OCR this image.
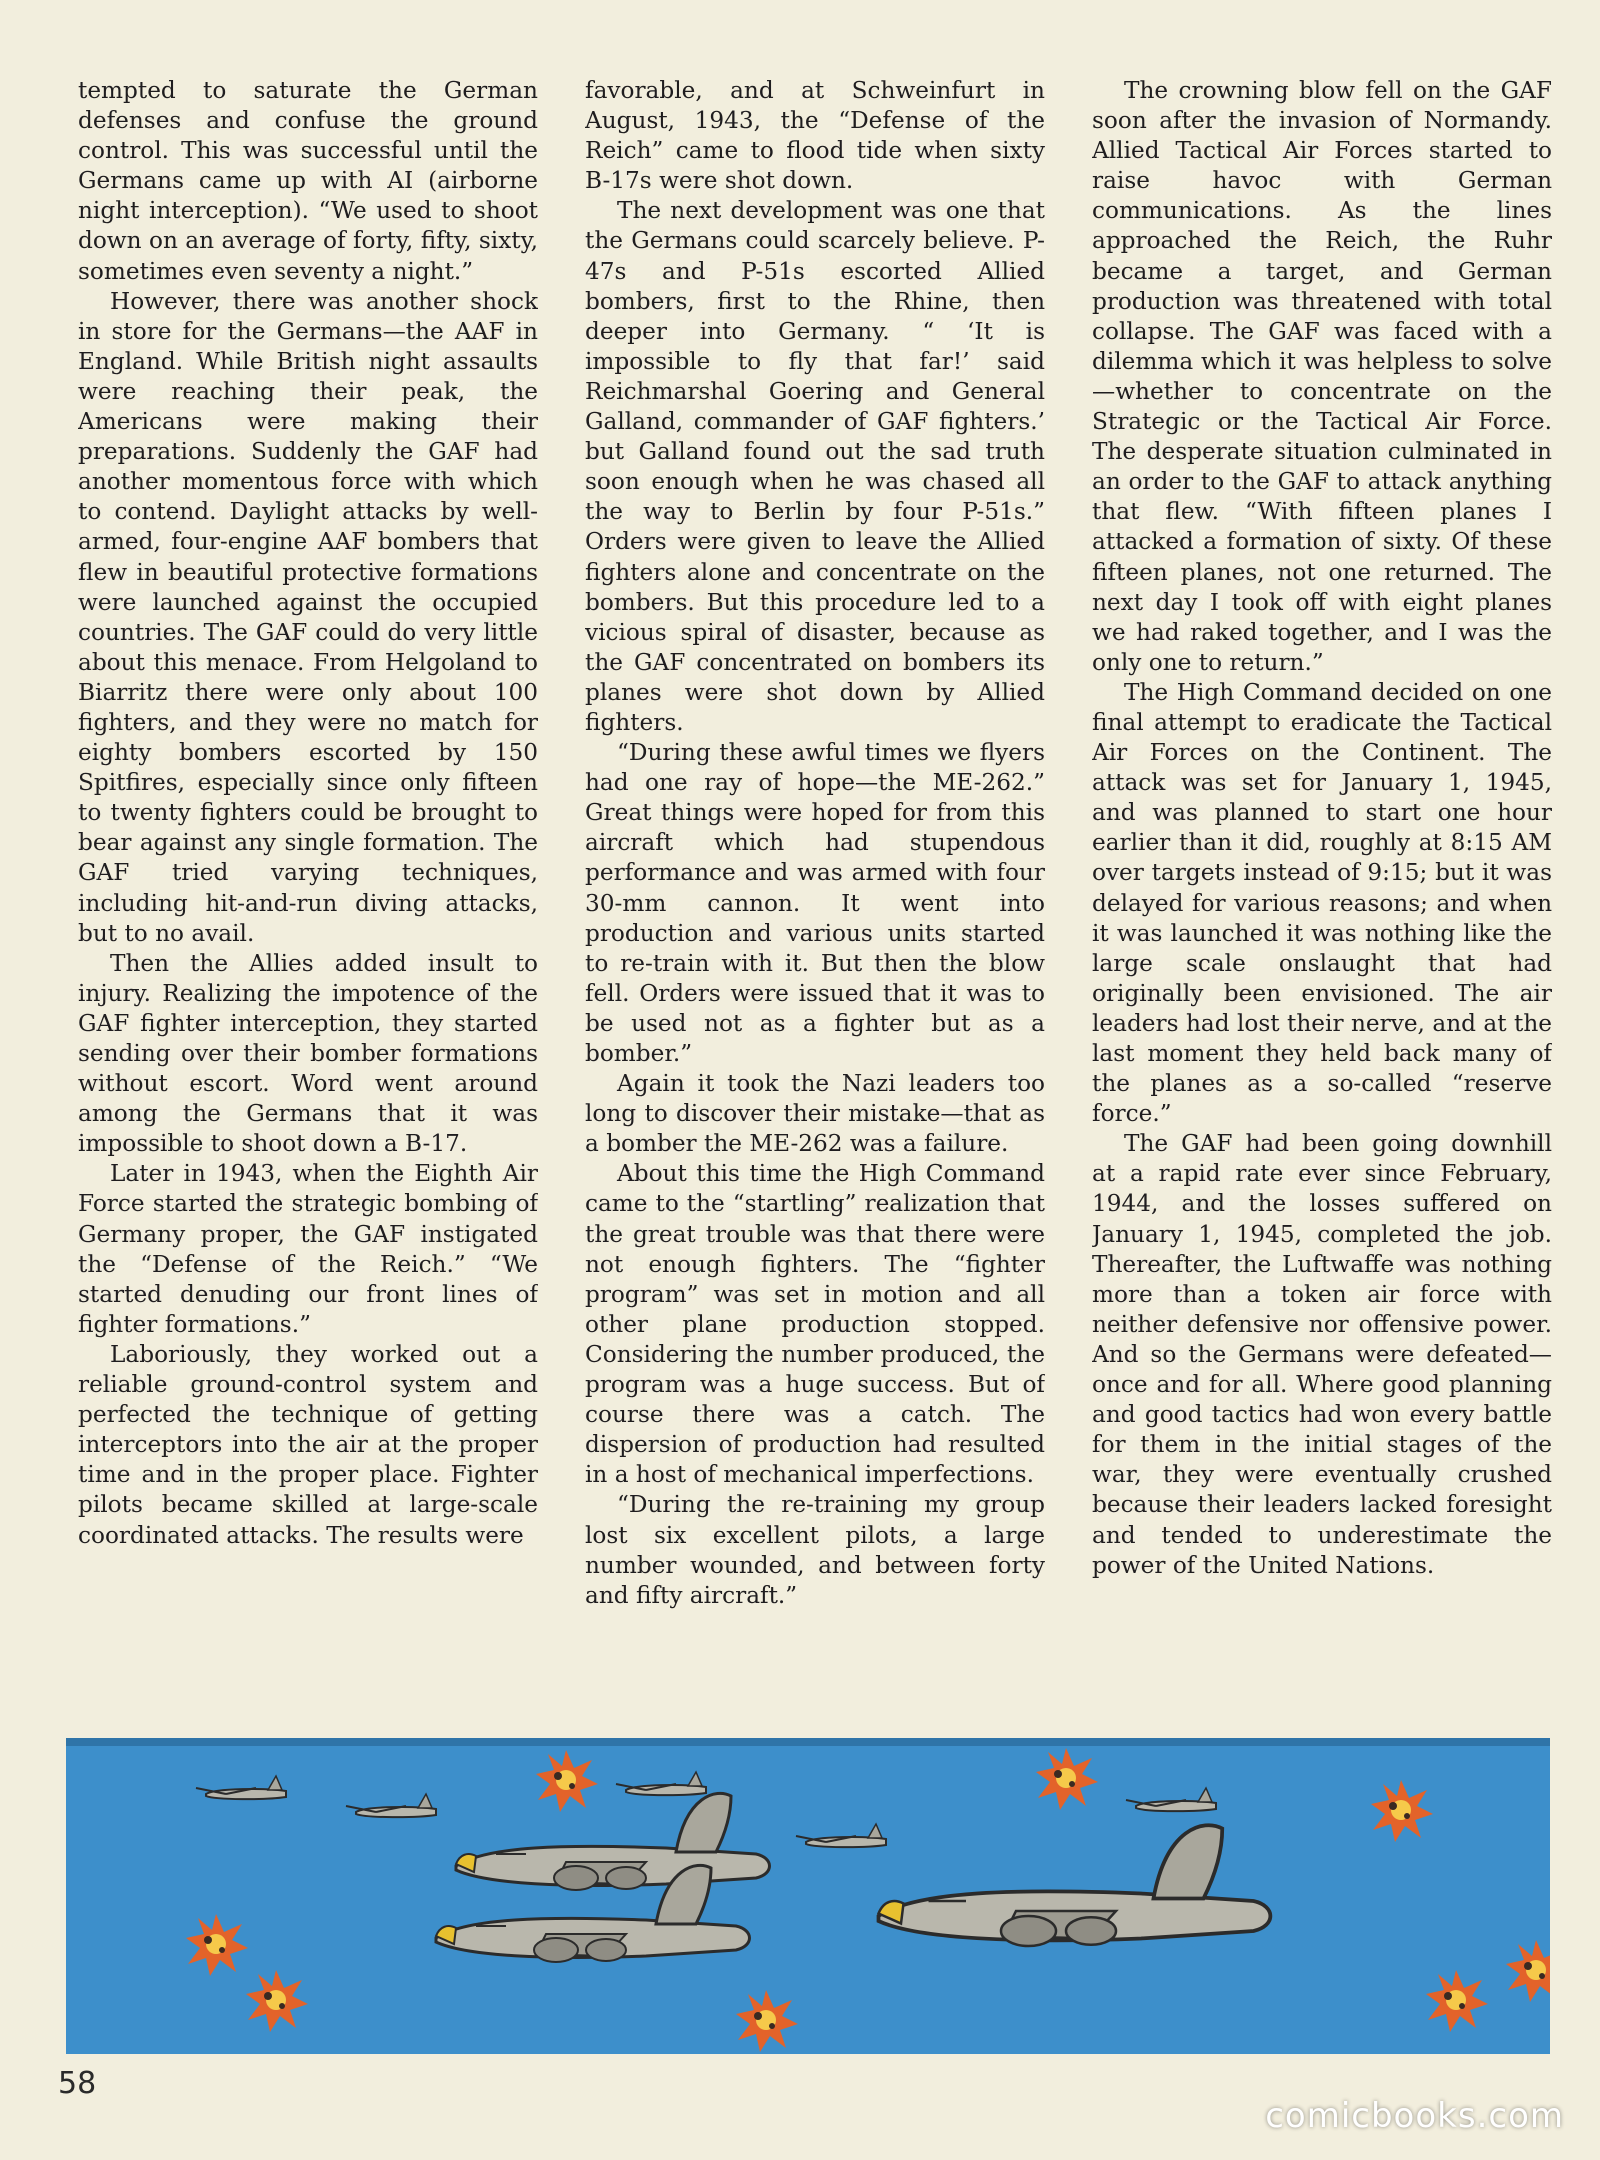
tempted to saturate the German defenses and confuse the ground control. This was successful until the Germans came up with AI (airborne night interception). “We used to shoot down on an average of forty, fifty, sixty, sometimes even seventy a night.”

However, there was another shock in store for the Germans—the AAF in England. While British night assaults were reaching their peak, the Americans were making their preparations. Suddenly the GAF had another momentous force with which to contend. Daylight attacks by well-armed, four-engine AAF bombers that flew in beautiful protective formations were launched against the occupied countries. The GAF could do very little about this menace. From Helgoland to Biarritz there were only about 100 fighters, and they were no match for eighty bombers escorted by 150 Spitfires, especially since only fifteen to twenty fighters could be brought to bear against any single formation. The GAF tried varying techniques, including hit-and-run diving attacks, but to no avail.

Then the Allies added insult to injury. Realizing the impotence of the GAF fighter interception, they started sending over their bomber formations without escort. Word went around among the Germans that it was impossible to shoot down a B-17.

Later in 1943, when the Eighth Air Force started the strategic bombing of Germany proper, the GAF instigated the “Defense of the Reich.” “We started denuding our front lines of fighter formations.”

Laboriously, they worked out a reliable ground-control system and perfected the technique of getting interceptors into the air at the proper time and in the proper place. Fighter pilots became skilled at large-scale coordinated attacks. The results were

favorable, and at Schweinfurt in August, 1943, the “Defense of the Reich” came to flood tide when sixty B-17s were shot down.

The next development was one that the Germans could scarcely believe. P-47s and P-51s escorted Allied bombers, first to the Rhine, then deeper into Germany. “ ‘It is impossible to fly that far!’ said Reichmarshal Goering and General Galland, commander of GAF fighters.’ but Galland found out the sad truth soon enough when he was chased all the way to Berlin by four P-51s.” Orders were given to leave the Allied fighters alone and concentrate on the bombers. But this procedure led to a vicious spiral of disaster, because as the GAF concentrated on bombers its planes were shot down by Allied fighters.

“During these awful times we flyers had one ray of hope—the ME-262.” Great things were hoped for from this aircraft which had stupendous performance and was armed with four 30-mm cannon. It went into production and various units started to re-train with it. But then the blow fell. Orders were issued that it was to be used not as a fighter but as a bomber.”

Again it took the Nazi leaders too long to discover their mistake—that as a bomber the ME-262 was a failure.

About this time the High Command came to the “startling” realization that the great trouble was that there were not enough fighters. The “fighter program” was set in motion and all other plane production stopped. Considering the number produced, the program was a huge success. But of course there was a catch. The dispersion of production had resulted in a host of mechanical imperfections.

“During the re-training my group lost six excellent pilots, a large number wounded, and between forty and fifty aircraft.”

The crowning blow fell on the GAF soon after the invasion of Normandy. Allied Tactical Air Forces started to raise havoc with German communications. As the lines approached the Reich, the Ruhr became a target, and German production was threatened with total collapse. The GAF was faced with a dilemma which it was helpless to solve—whether to concentrate on the Strategic or the Tactical Air Force. The desperate situation culminated in an order to the GAF to attack anything that flew. “With fifteen planes I attacked a formation of sixty. Of these fifteen planes, not one returned. The next day I took off with eight planes we had raked together, and I was the only one to return.”

The High Command decided on one final attempt to eradicate the Tactical Air Forces on the Continent. The attack was set for January 1, 1945, and was planned to start one hour earlier than it did, roughly at 8:15 AM over targets instead of 9:15; but it was delayed for various reasons; and when it was launched it was nothing like the large scale onslaught that had originally been envisioned. The air leaders had lost their nerve, and at the last moment they held back many of the planes as a so-called “reserve force.”

The GAF had been going downhill at a rapid rate ever since February, 1944, and the losses suffered on January 1, 1945, completed the job. Thereafter, the Luftwaffe was nothing more than a token air force with neither defensive nor offensive power. And so the Germans were defeated—once and for all. Where good planning and good tactics had won every battle for them in the initial stages of the war, they were eventually crushed because their leaders lacked foresight and tended to underestimate the power of the United Nations.

58
comicbooks.com
